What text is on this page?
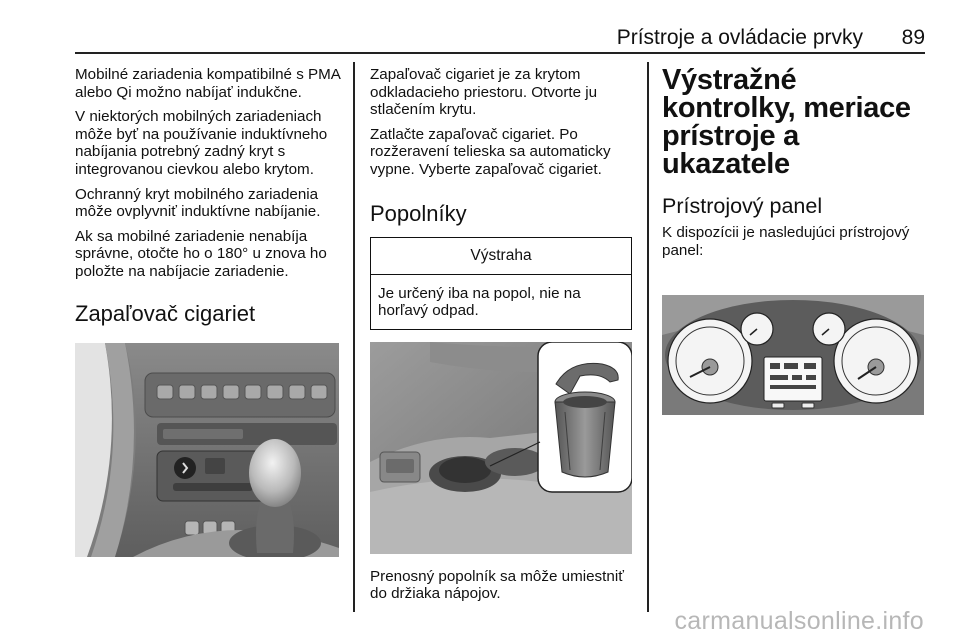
Prístroje a ovládacie prvky 89

Mobilné zariadenia kompatibilné s PMA alebo Qi možno nabíjať indukčne.

V niektorých mobilných zariadeniach môže byť na používanie induktívneho nabíjania potrebný zadný kryt s integrovanou cievkou alebo krytom.

Ochranný kryt mobilného zariadenia môže ovplyvniť induktívne nabíjanie.

Ak sa mobilné zariadenie nenabíja správne, otočte ho o 180° u znova ho položte na nabíjacie zariadenie.

Zapaľovač cigariet

Zapaľovač cigariet je za krytom odkladacieho priestoru. Otvorte ju stlačením krytu.

Zatlačte zapaľovač cigariet. Po rozžeravení telieska sa automaticky vypne. Vyberte zapaľovač cigariet.

Popolníky
Výstraha
Je určený iba na popol, nie na horľavý odpad.

Prenosný popolník sa môže umiestniť do držiaka nápojov.

Výstražné kontrolky, meriace prístroje a ukazatele
Prístrojový panel

K dispozícii je nasledujúci prístrojový panel:

carmanualsonline.info
